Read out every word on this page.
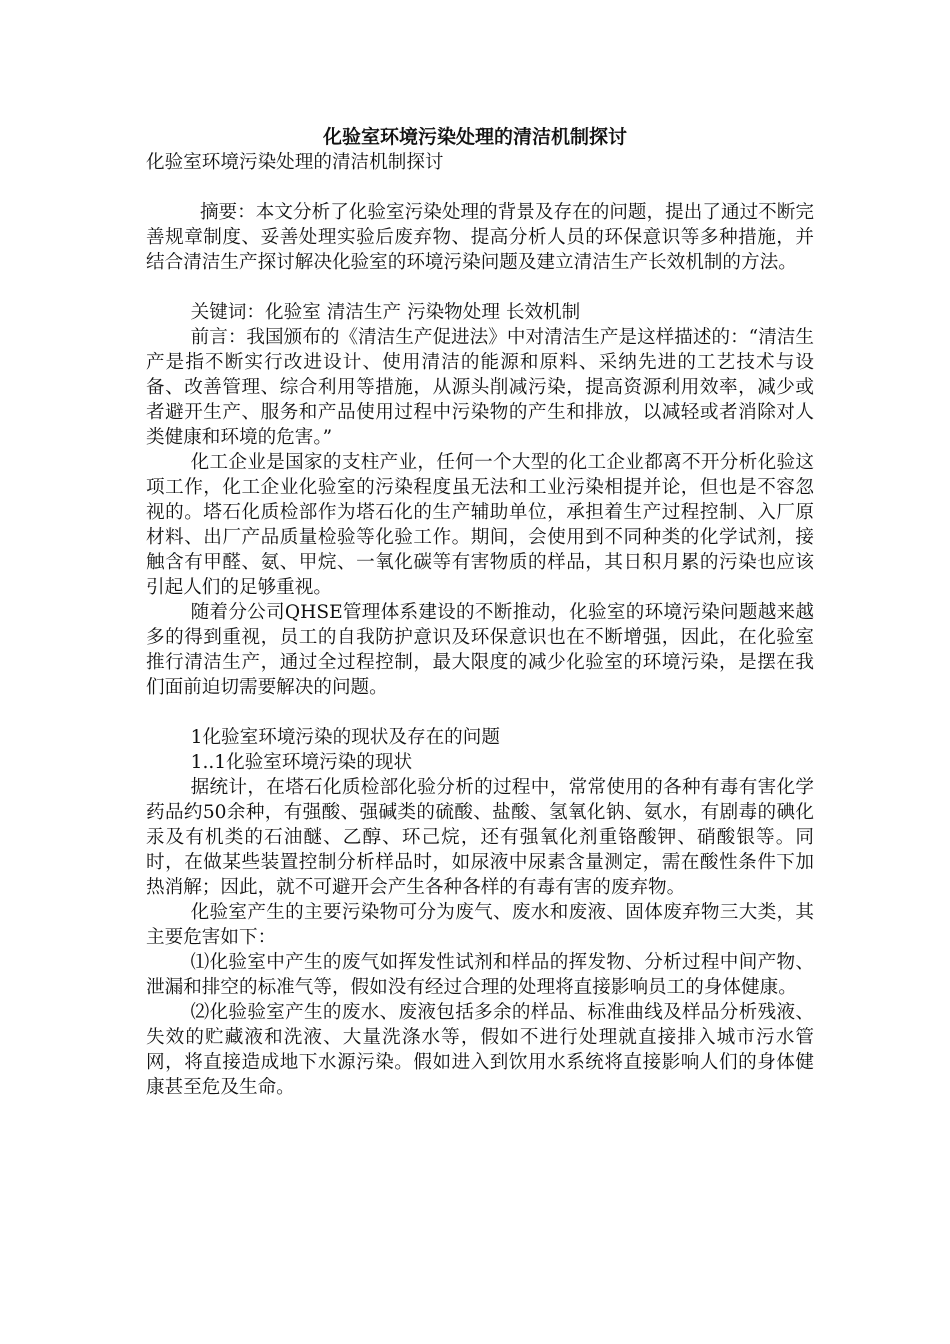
化验室环境污染处理的清洁机制探讨

化验室环境污染处理的清洁机制探讨

摘要：本文分析了化验室污染处理的背景及存在的问题，提出了通过不断完善规章制度、妥善处理实验后废弃物、提高分析人员的环保意识等多种措施，并结合清洁生产探讨解决化验室的环境污染问题及建立清洁生产长效机制的方法。

关键词：化验室 清洁生产 污染物处理 长效机制

前言：我国颁布的《清洁生产促进法》中对清洁生产是这样描述的：“清洁生产是指不断实行改进设计、使用清洁的能源和原料、采纳先进的工艺技术与设备、改善管理、综合利用等措施，从源头削减污染，提高资源利用效率，减少或者避开生产、服务和产品使用过程中污染物的产生和排放，以减轻或者消除对人类健康和环境的危害。”

化工企业是国家的支柱产业，任何一个大型的化工企业都离不开分析化验这项工作，化工企业化验室的污染程度虽无法和工业污染相提并论，但也是不容忽视的。塔石化质检部作为塔石化的生产辅助单位，承担着生产过程控制、入厂原材料、出厂产品质量检验等化验工作。期间，会使用到不同种类的化学试剂，接触含有甲醛、氨、甲烷、一氧化碳等有害物质的样品，其日积月累的污染也应该引起人们的足够重视。

随着分公司QHSE管理体系建设的不断推动，化验室的环境污染问题越来越多的得到重视，员工的自我防护意识及环保意识也在不断增强，因此，在化验室推行清洁生产，通过全过程控制，最大限度的减少化验室的环境污染，是摆在我们面前迫切需要解决的问题。

1化验室环境污染的现状及存在的问题

1..1化验室环境污染的现状

据统计，在塔石化质检部化验分析的过程中，常常使用的各种有毒有害化学药品约50余种，有强酸、强碱类的硫酸、盐酸、氢氧化钠、氨水，有剧毒的碘化汞及有机类的石油醚、乙醇、环己烷，还有强氧化剂重铬酸钾、硝酸银等。同时，在做某些装置控制分析样品时，如尿液中尿素含量测定，需在酸性条件下加热消解；因此，就不可避开会产生各种各样的有毒有害的废弃物。

化验室产生的主要污染物可分为废气、废水和废液、固体废弃物三大类，其主要危害如下：

⑴化验室中产生的废气如挥发性试剂和样品的挥发物、分析过程中间产物、泄漏和排空的标准气等，假如没有经过合理的处理将直接影响员工的身体健康。

⑵化验验室产生的废水、废液包括多余的样品、标准曲线及样品分析残液、失效的贮藏液和洗液、大量洗涤水等，假如不进行处理就直接排入城市污水管网，将直接造成地下水源污染。假如进入到饮用水系统将直接影响人们的身体健康甚至危及生命。
